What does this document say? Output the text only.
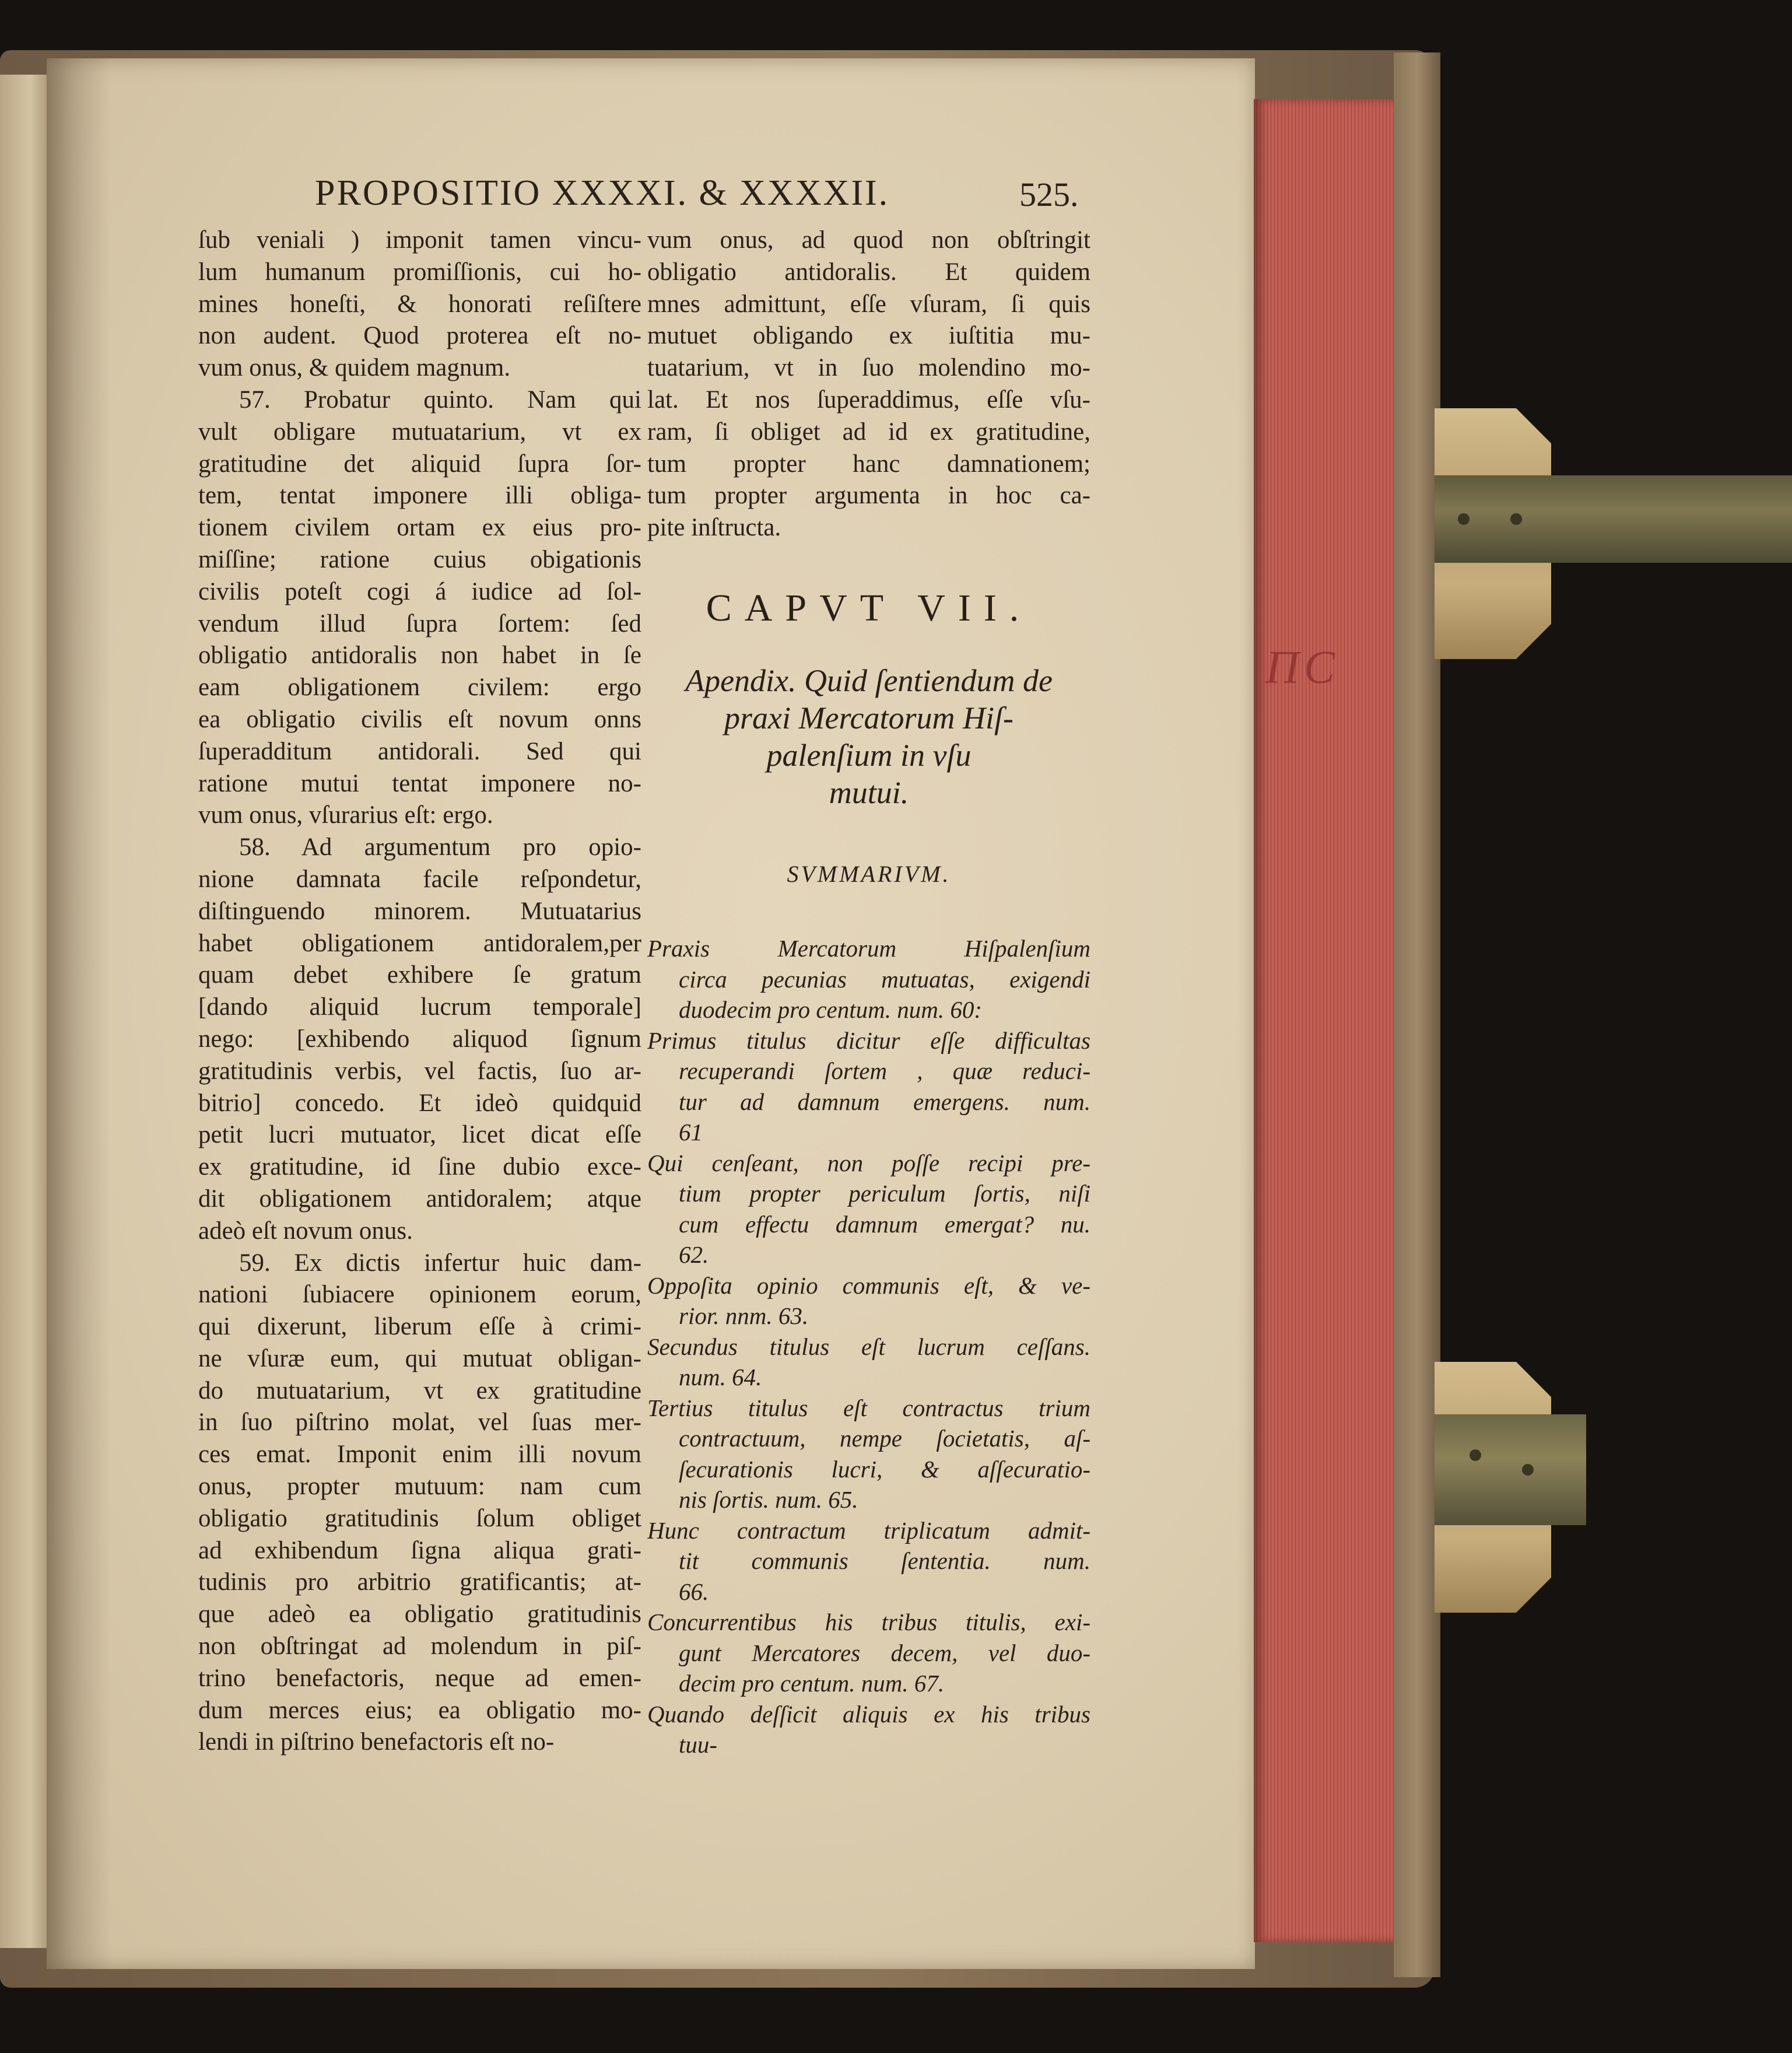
PROPOSITIO XXXXI. & XXXXII.	525.
ſub veniali ) imponit tamen vincu-
lum humanum promiſſionis, cui ho-
mines honeſti, & honorati reſiſtere
non audent. Quod proterea eſt no-
vum onus, & quidem magnum.
57. Probatur quinto. Nam qui
vult obligare mutuatarium, vt ex
gratitudine det aliquid ſupra ſor-
tem, tentat imponere illi obliga-
tionem civilem ortam ex eius pro-
miſſine; ratione cuius obigationis
civilis poteſt cogi á iudice ad ſol-
vendum illud ſupra ſortem: ſed
obligatio antidoralis non habet in ſe
eam obligationem civilem: ergo
ea obligatio civilis eſt novum onns
ſuperadditum antidorali. Sed qui
ratione mutui tentat imponere no-
vum onus, vſurarius eſt: ergo.
58. Ad argumentum pro opio-
nione damnata facile reſpondetur,
diſtinguendo minorem. Mutuatarius
habet obligationem antidoralem,per
quam debet exhibere ſe gratum
[dando aliquid lucrum temporale]
nego: [exhibendo aliquod ſignum
gratitudinis verbis, vel factis, ſuo ar-
bitrio] concedo. Et ideò quidquid
petit lucri mutuator, licet dicat eſſe
ex gratitudine, id ſine dubio exce-
dit obligationem antidoralem; atque
adeò eſt novum onus.
59. Ex dictis infertur huic dam-
nationi ſubiacere opinionem eorum,
qui dixerunt, liberum eſſe à crimi-
ne vſuræ eum, qui mutuat obligan-
do mutuatarium, vt ex gratitudine
in ſuo piſtrino molat, vel ſuas mer-
ces emat. Imponit enim illi novum
onus, propter mutuum: nam cum
obligatio gratitudinis ſolum obliget
ad exhibendum ſigna aliqua grati-
tudinis pro arbitrio gratificantis; at-
que adeò ea obligatio gratitudinis
non obſtringat ad molendum in piſ-
trino benefactoris, neque ad emen-
dum merces eius; ea obligatio mo-
lendi in piſtrino benefactoris eſt no-
vum onus, ad quod non obſtringit
obligatio antidoralis. Et quidem
mnes admittunt, eſſe vſuram, ſi quis
mutuet obligando ex iuſtitia mu-
tuatarium, vt in ſuo molendino mo-
lat. Et nos ſuperaddimus, eſſe vſu-
ram, ſi obliget ad id ex gratitudine,
tum propter hanc damnationem;
tum propter argumenta in hoc ca-
pite inſtructa.
CAPVT VII.
Apendix. Quid ſentiendum de
praxi Mercatorum Hiſ-
palenſium in vſu
mutui.
SVMMARIVM.
Praxis Mercatorum Hiſpalenſium
circa pecunias mutuatas, exigendi
duodecim pro centum. num. 60:
Primus titulus dicitur eſſe difficultas
recuperandi ſortem , quæ reduci-
tur ad damnum emergens. num.
61
Qui cenſeant, non poſſe recipi pre-
tium propter periculum ſortis, niſi
cum effectu damnum emergat? nu.
62.
Oppoſita opinio communis eſt, & ve-
rior. nnm. 63.
Secundus titulus eſt lucrum ceſſans.
num. 64.
Tertius titulus eſt contractus trium
contractuum, nempe ſocietatis, aſ-
ſecurationis lucri, & aſſecuratio-
nis ſortis. num. 65.
Hunc contractum triplicatum admit-
tit communis ſententia. num.
66.
Concurrentibus his tribus titulis, exi-
gunt Mercatores decem, vel duo-
decim pro centum. num. 67.
Quando deſſicit aliquis ex his tribus
tиu-
ПС
